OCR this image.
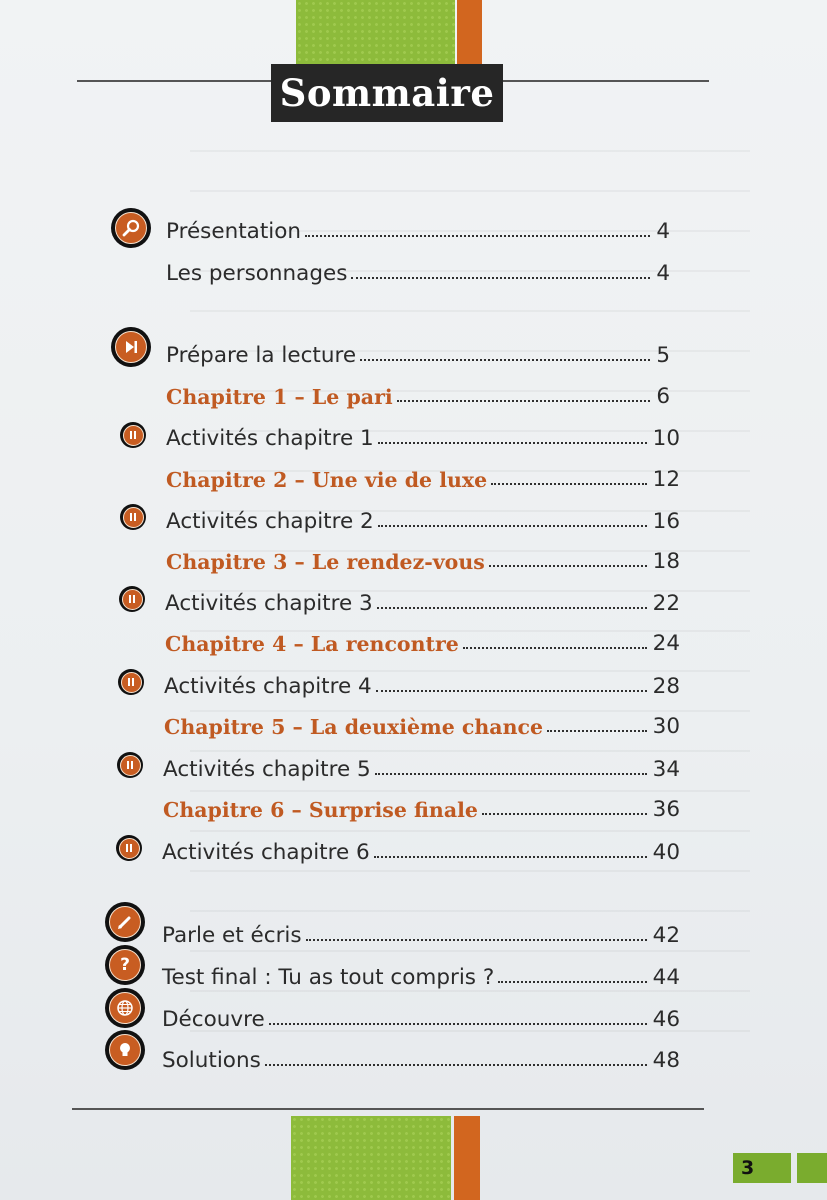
Sommaire
Présentation	4
Les personnages	4
Prépare la lecture	5
Chapitre 1 – Le pari	6
Activités chapitre 1	10
Chapitre 2 – Une vie de luxe	12
Activités chapitre 2	16
Chapitre 3 – Le rendez-vous	18
Activités chapitre 3	22
Chapitre 4 – La rencontre	24
Activités chapitre 4	28
Chapitre 5 – La deuxième chance	30
Activités chapitre 5	34
Chapitre 6 – Surprise finale	36
Activités chapitre 6	40
Parle et écris	42
Test final : Tu as tout compris ?	44
Découvre	46
Solutions	48
?
3
